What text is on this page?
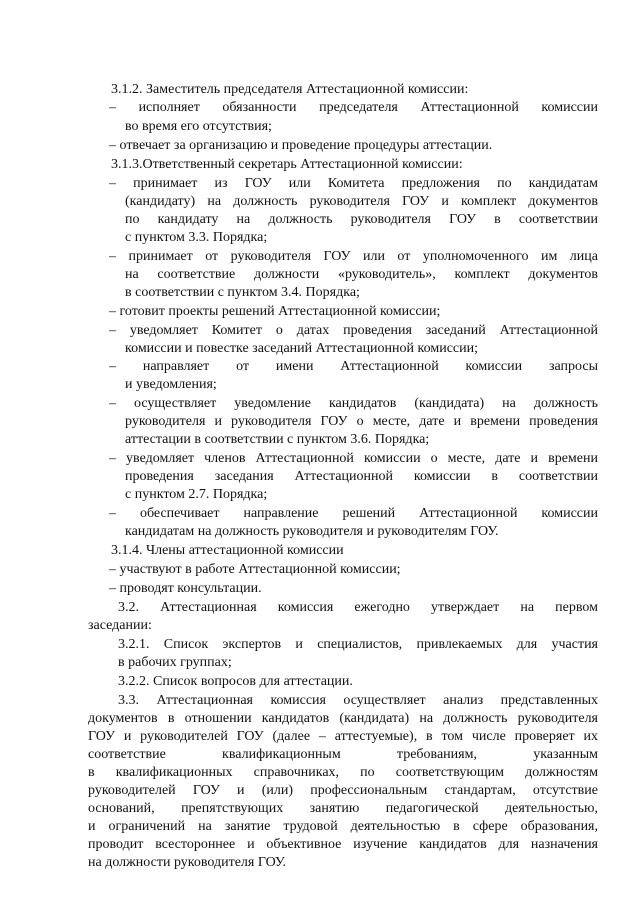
3.1.2. Заместитель председателя Аттестационной комиссии:
– исполняет обязанности председателя Аттестационной комиссии
во время его отсутствия;
– отвечает за организацию и проведение процедуры аттестации.
3.1.3.Ответственный секретарь Аттестационной комиссии:
– принимает из ГОУ или Комитета предложения по кандидатам
(кандидату) на должность руководителя ГОУ и комплект документов
по кандидату на должность руководителя ГОУ в соответствии
с пунктом 3.3. Порядка;
– принимает от руководителя ГОУ или от уполномоченного им лица
на соответствие должности «руководитель», комплект документов
в соответствии с пунктом 3.4. Порядка;
– готовит проекты решений Аттестационной комиссии;
– уведомляет Комитет о датах проведения заседаний Аттестационной
комиссии и повестке заседаний Аттестационной комиссии;
– направляет от имени Аттестационной комиссии запросы
и уведомления;
– осуществляет уведомление кандидатов (кандидата) на должность
руководителя и руководителя ГОУ о месте, дате и времени проведения
аттестации в соответствии с пунктом 3.6. Порядка;
– уведомляет членов Аттестационной комиссии о месте, дате и времени
проведения заседания Аттестационной комиссии в соответствии
с пунктом 2.7. Порядка;
– обеспечивает направление решений Аттестационной комиссии
кандидатам на должность руководителя и руководителям ГОУ.
3.1.4. Члены аттестационной комиссии
– участвуют в работе Аттестационной комиссии;
– проводят консультации.
3.2. Аттестационная комиссия ежегодно утверждает на первом
заседании:
3.2.1. Список экспертов и специалистов, привлекаемых для участия
в рабочих группах;
3.2.2. Список вопросов для аттестации.
3.3. Аттестационная комиссия осуществляет анализ представленных
документов в отношении кандидатов (кандидата) на должность руководителя
ГОУ и руководителей ГОУ (далее – аттестуемые), в том числе проверяет их
соответствие квалификационным требованиям, указанным
в квалификационных справочниках, по соответствующим должностям
руководителей ГОУ и (или) профессиональным стандартам, отсутствие
оснований, препятствующих занятию педагогической деятельностью,
и ограничений на занятие трудовой деятельностью в сфере образования,
проводит всестороннее и объективное изучение кандидатов для назначения
на должности руководителя ГОУ.
